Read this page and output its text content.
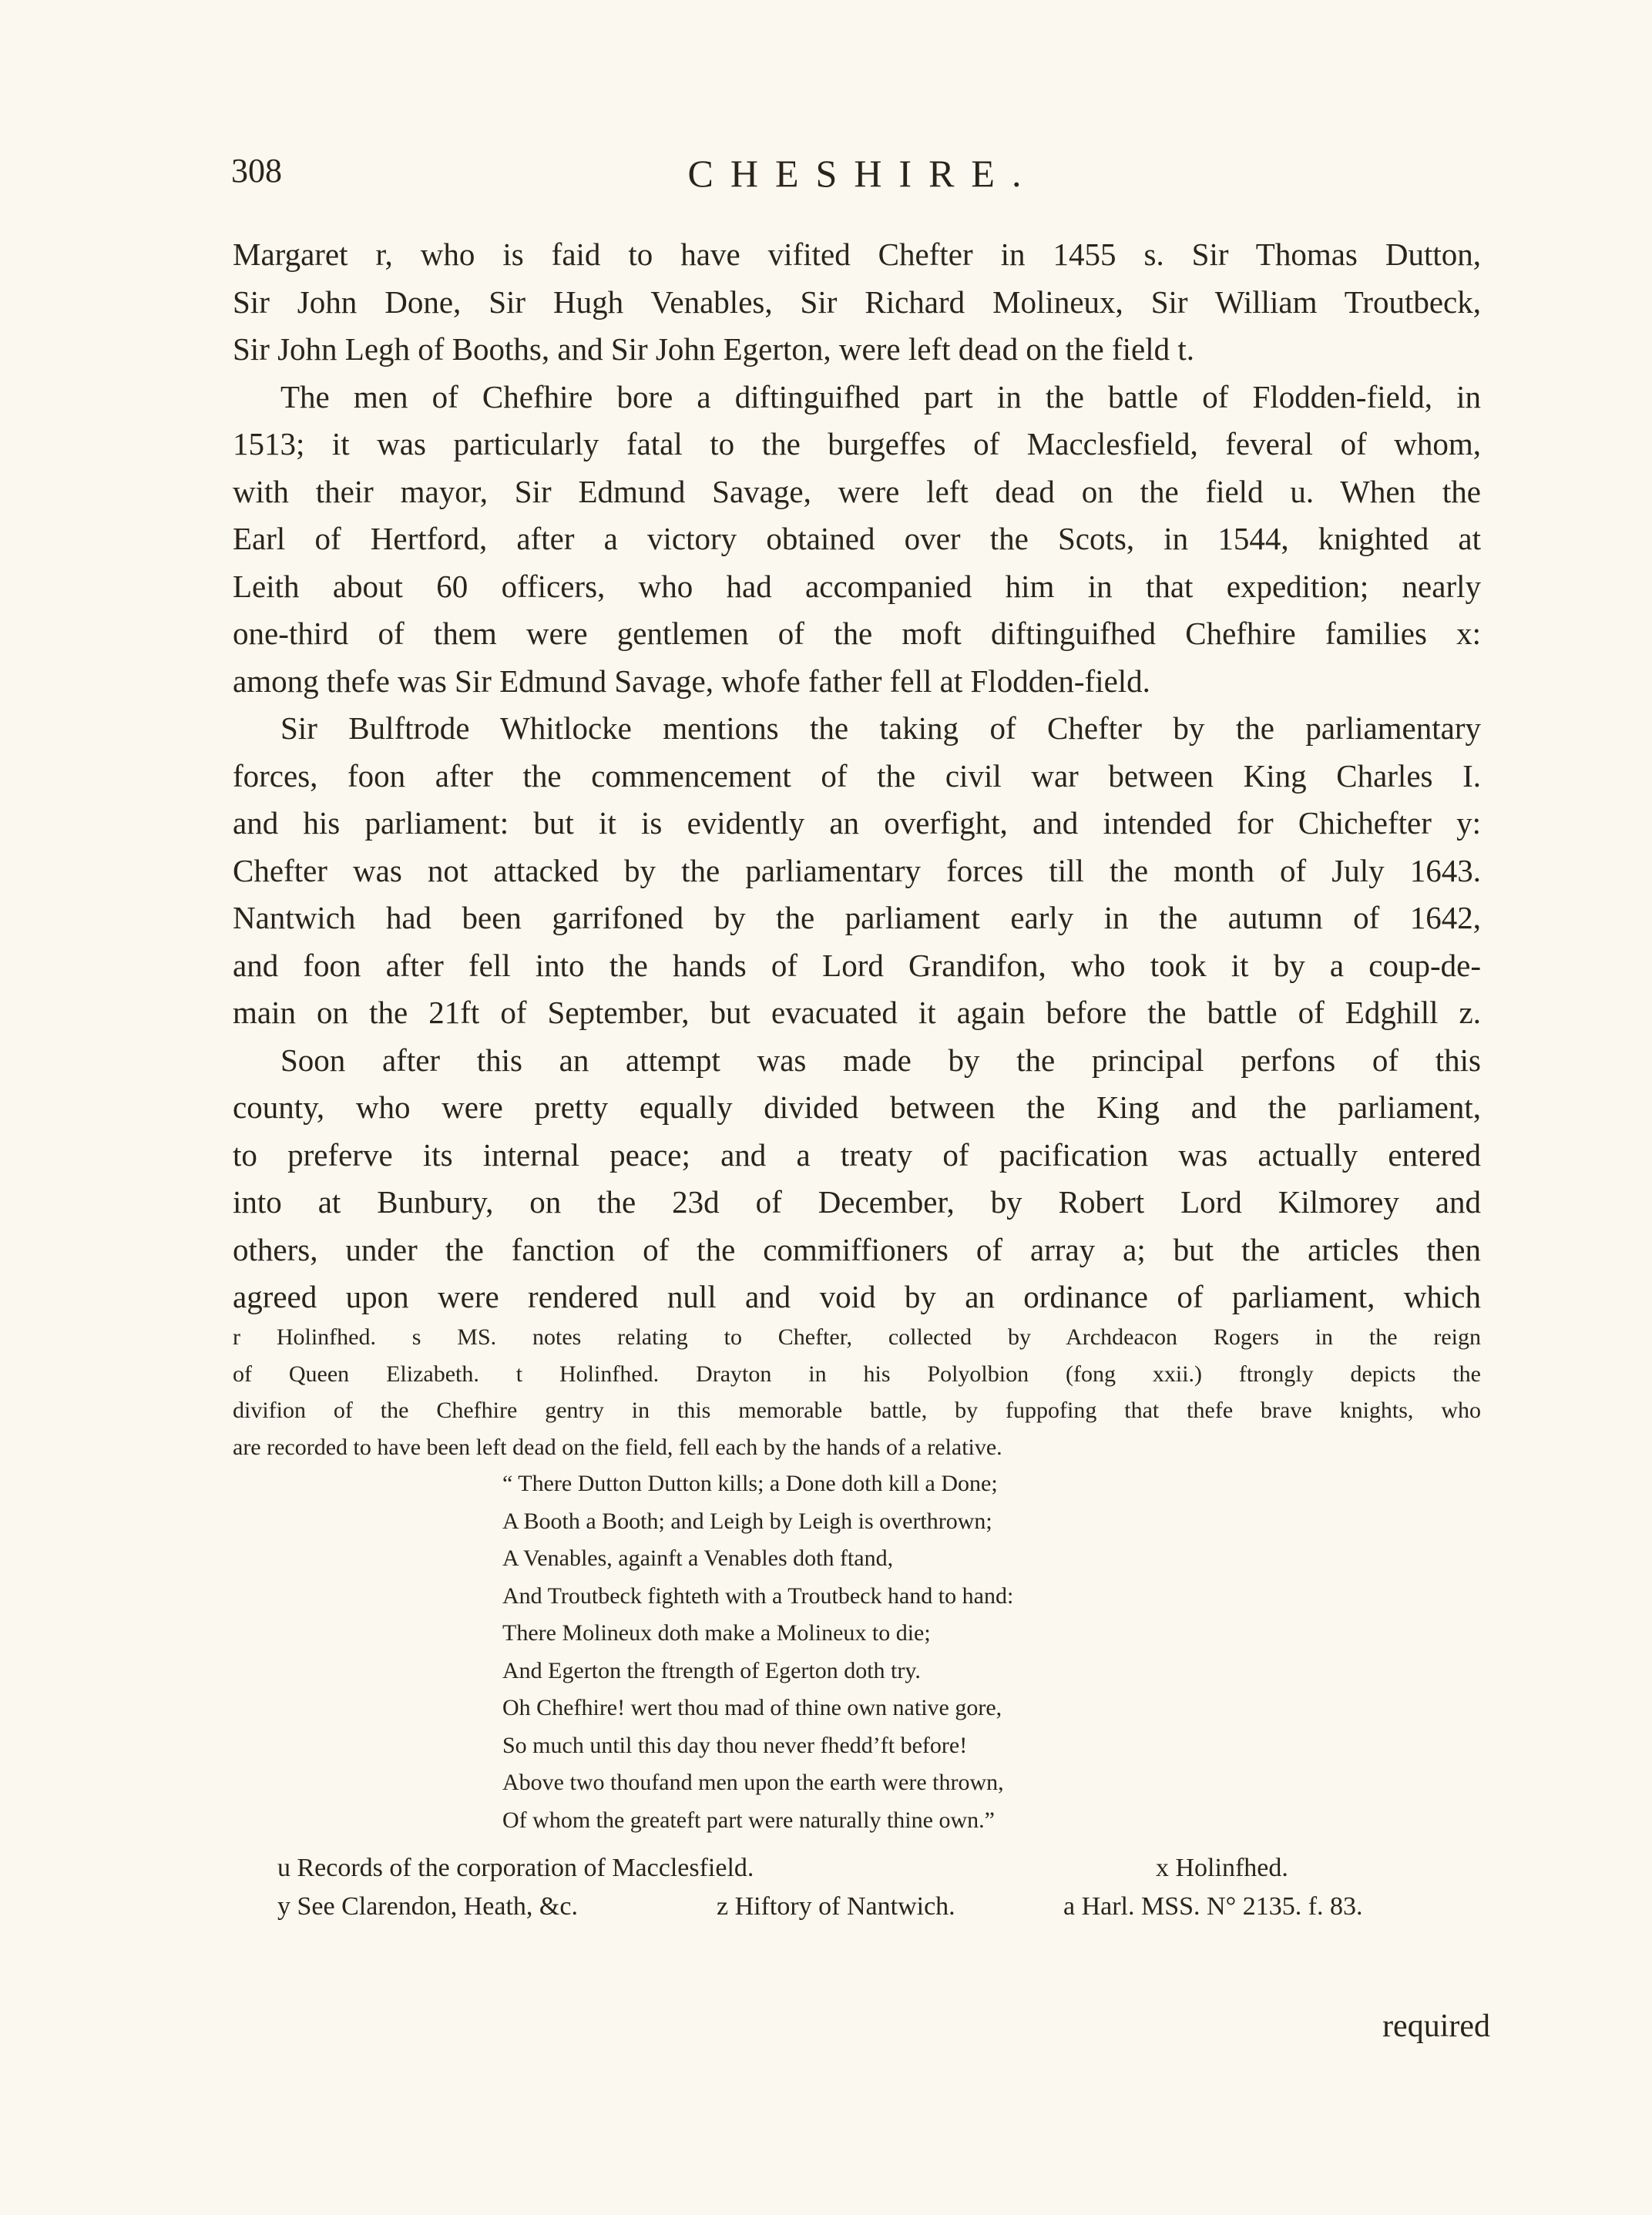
308	CHESHIRE.
Margaret r, who is faid to have vifited Chefter in 1455 s. Sir Thomas Dutton,
Sir John Done, Sir Hugh Venables, Sir Richard Molineux, Sir William Troutbeck,
Sir John Legh of Booths, and Sir John Egerton, were left dead on the field t.
The men of Chefhire bore a diftinguifhed part in the battle of Flodden-field, in
1513; it was particularly fatal to the burgeffes of Macclesfield, feveral of whom,
with their mayor, Sir Edmund Savage, were left dead on the field u. When the
Earl of Hertford, after a victory obtained over the Scots, in 1544, knighted at
Leith about 60 officers, who had accompanied him in that expedition; nearly
one-third of them were gentlemen of the moft diftinguifhed Chefhire families x:
among thefe was Sir Edmund Savage, whofe father fell at Flodden-field.
Sir Bulftrode Whitlocke mentions the taking of Chefter by the parliamentary
forces, foon after the commencement of the civil war between King Charles I.
and his parliament: but it is evidently an overfight, and intended for Chichefter y:
Chefter was not attacked by the parliamentary forces till the month of July 1643.
Nantwich had been garrifoned by the parliament early in the autumn of 1642,
and foon after fell into the hands of Lord Grandifon, who took it by a coup-de-
main on the 21ft of September, but evacuated it again before the battle of Edghill z.
Soon after this an attempt was made by the principal perfons of this
county, who were pretty equally divided between the King and the parliament,
to preferve its internal peace; and a treaty of pacification was actually entered
into at Bunbury, on the 23d of December, by Robert Lord Kilmorey and
others, under the fanction of the commiffioners of array a; but the articles then
agreed upon were rendered null and void by an ordinance of parliament, which
r Holinfhed. s MS. notes relating to Chefter, collected by Archdeacon Rogers in the reign
of Queen Elizabeth. t Holinfhed. Drayton in his Polyolbion (fong xxii.) ftrongly depicts the
divifion of the Chefhire gentry in this memorable battle, by fuppofing that thefe brave knights, who
are recorded to have been left dead on the field, fell each by the hands of a relative.
“ There Dutton Dutton kills; a Done doth kill a Done;
A Booth a Booth; and Leigh by Leigh is overthrown;
A Venables, againft a Venables doth ftand,
And Troutbeck fighteth with a Troutbeck hand to hand:
There Molineux doth make a Molineux to die;
And Egerton the ftrength of Egerton doth try.
Oh Chefhire! wert thou mad of thine own native gore,
So much until this day thou never fhedd’ft before!
Above two thoufand men upon the earth were thrown,
Of whom the greateft part were naturally thine own.”
u Records of the corporation of Macclesfield.	x Holinfhed.
y See Clarendon, Heath, &c.	z Hiftory of Nantwich.	a Harl. MSS. N° 2135. f. 83.
required
